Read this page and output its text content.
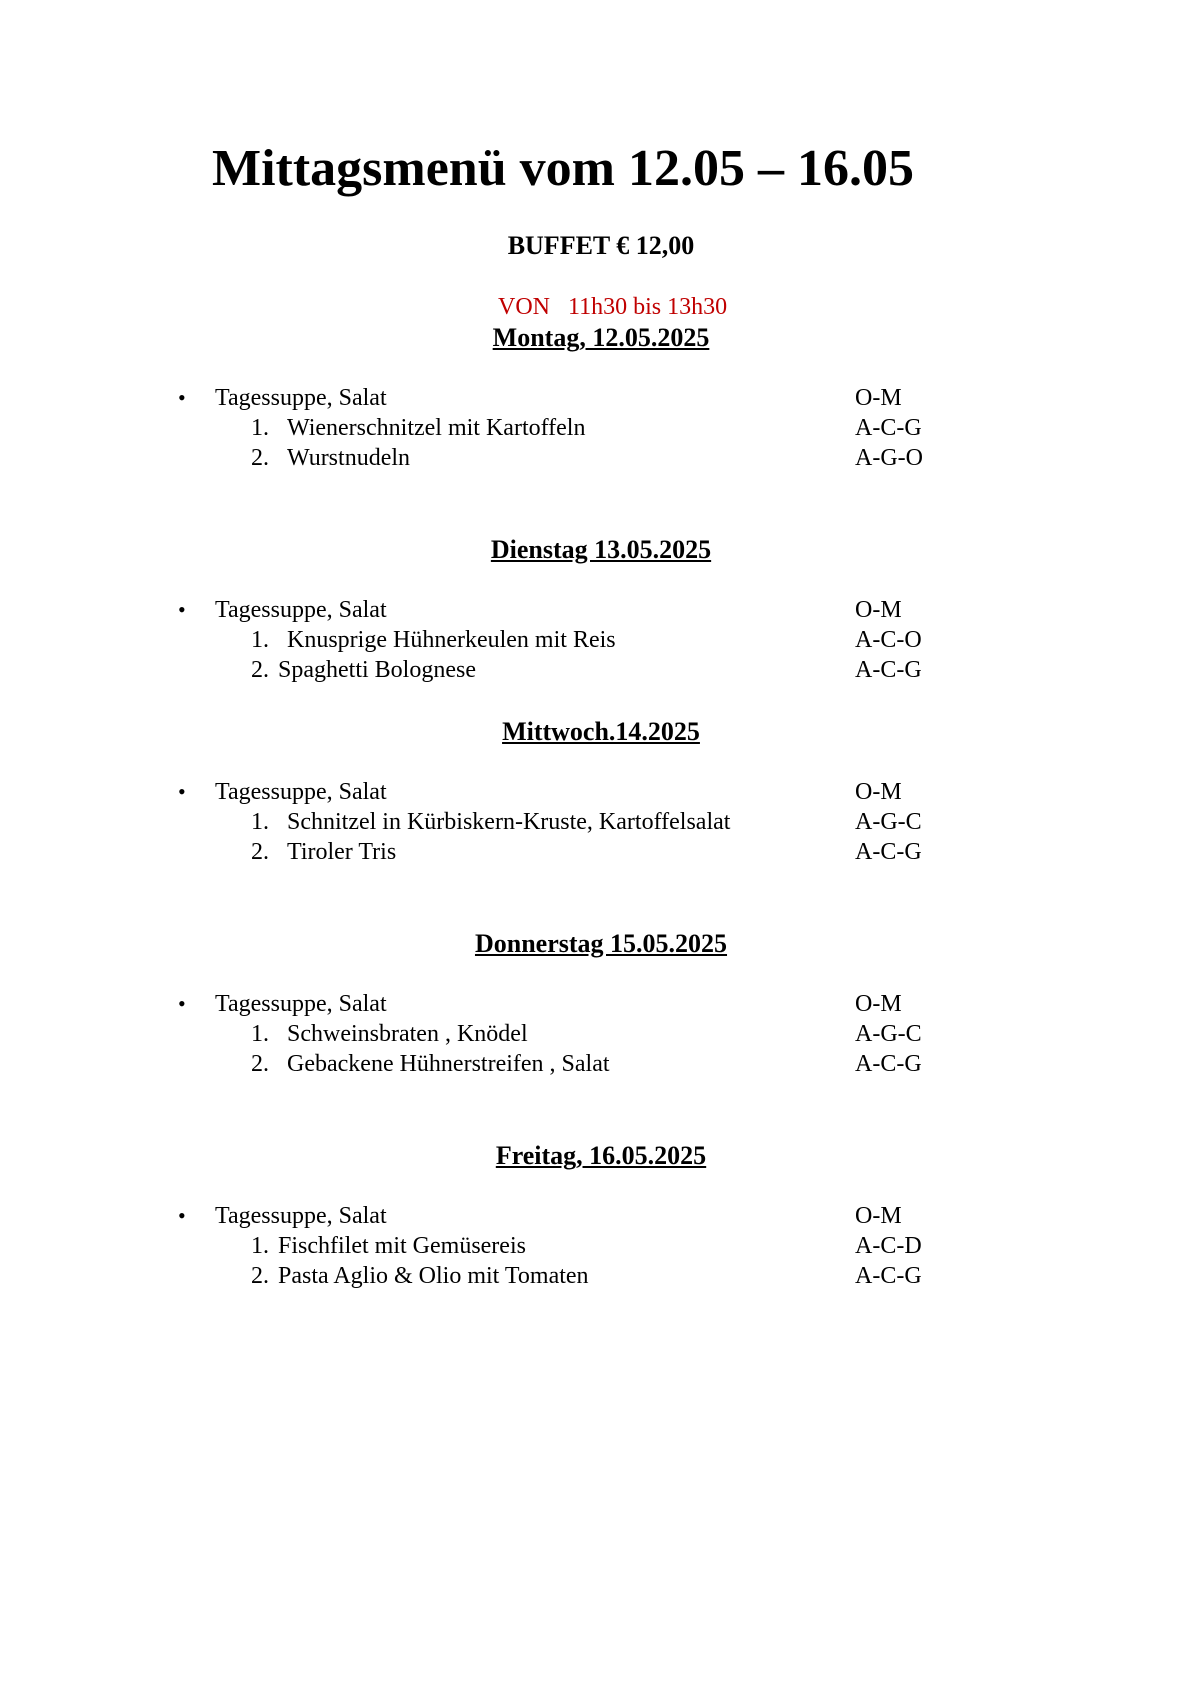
Mittagsmenü vom 12.05 – 16.05
BUFFET € 12,00
VON   11h30 bis 13h30
Montag, 12.05.2025
• Tagessuppe, Salat	O-M
1. Wienerschnitzel mit Kartoffeln	A-C-G
2. Wurstnudeln	A-G-O
Dienstag 13.05.2025
• Tagessuppe, Salat	O-M
1. Knusprige Hühnerkeulen mit Reis	A-C-O
2. Spaghetti Bolognese	A-C-G
Mittwoch.14.2025
• Tagessuppe, Salat	O-M
1. Schnitzel in Kürbiskern-Kruste, Kartoffelsalat	A-G-C
2. Tiroler Tris	A-C-G
Donnerstag 15.05.2025
• Tagessuppe, Salat	O-M
1. Schweinsbraten , Knödel	A-G-C
2. Gebackene Hühnerstreifen , Salat	A-C-G
Freitag, 16.05.2025
• Tagessuppe, Salat	O-M
1. Fischfilet mit Gemüsereis	A-C-D
2. Pasta Aglio & Olio mit Tomaten	A-C-G
